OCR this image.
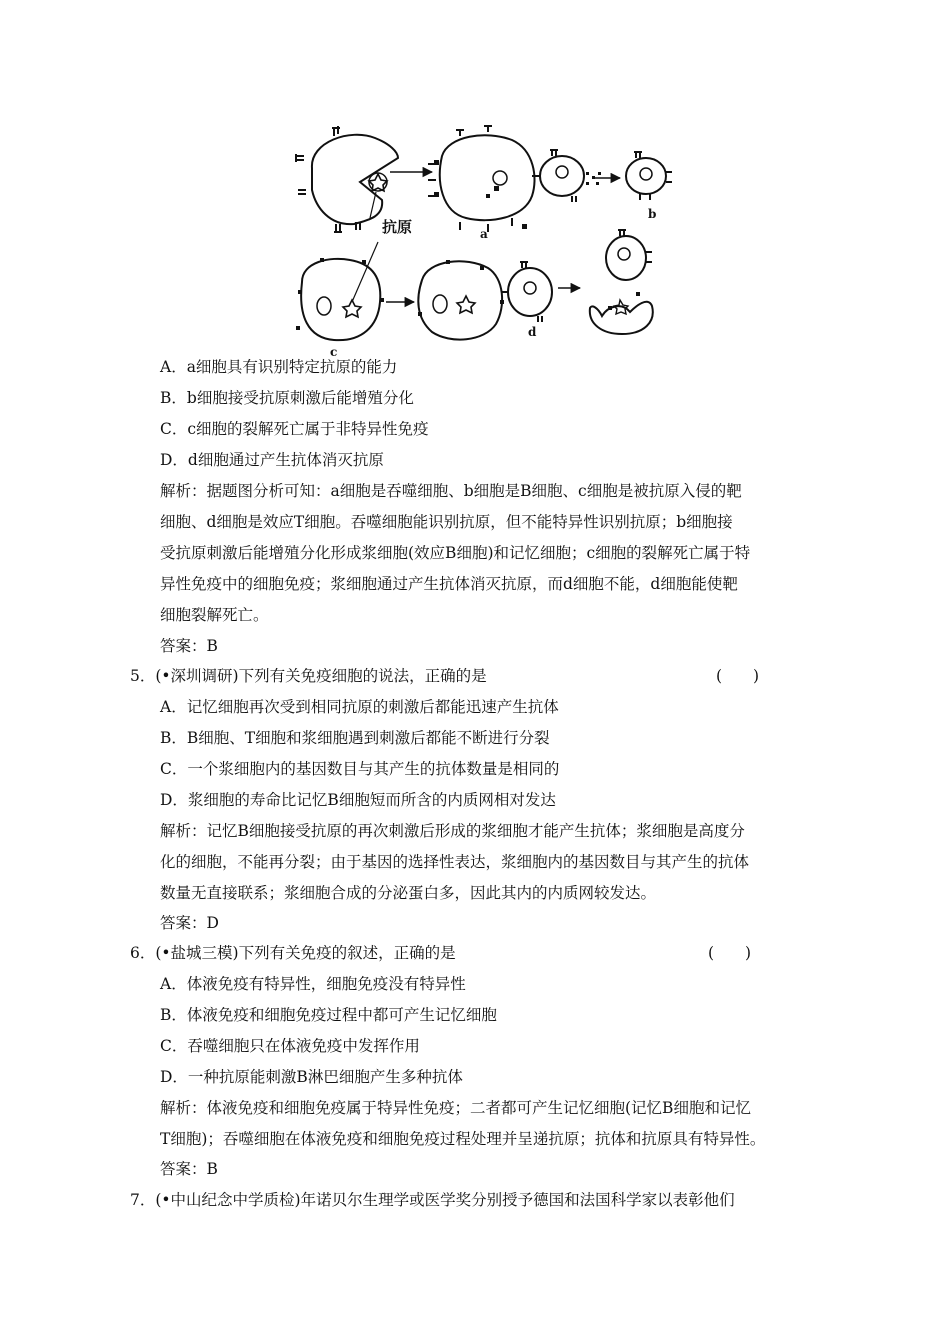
抗原	a
b
c
d
A．a细胞具有识别特定抗原的能力
B．b细胞接受抗原刺激后能增殖分化
C．c细胞的裂解死亡属于非特异性免疫
D．d细胞通过产生抗体消灭抗原
解析：据题图分析可知：a细胞是吞噬细胞、b细胞是B细胞、c细胞是被抗原入侵的靶
细胞、d细胞是效应T细胞。吞噬细胞能识别抗原，但不能特异性识别抗原；b细胞接
受抗原刺激后能增殖分化形成浆细胞(效应B细胞)和记忆细胞；c细胞的裂解死亡属于特
异性免疫中的细胞免疫；浆细胞通过产生抗体消灭抗原，而d细胞不能，d细胞能使靶
细胞裂解死亡。
答案：B
5．(•深圳调研)下列有关免疫细胞的说法，正确的是	(　　)
A．记忆细胞再次受到相同抗原的刺激后都能迅速产生抗体
B．B细胞、T细胞和浆细胞遇到刺激后都能不断进行分裂
C．一个浆细胞内的基因数目与其产生的抗体数量是相同的
D．浆细胞的寿命比记忆B细胞短而所含的内质网相对发达
解析：记忆B细胞接受抗原的再次刺激后形成的浆细胞才能产生抗体；浆细胞是高度分
化的细胞，不能再分裂；由于基因的选择性表达，浆细胞内的基因数目与其产生的抗体
数量无直接联系；浆细胞合成的分泌蛋白多，因此其内的内质网较发达。
答案：D
6．(•盐城三模)下列有关免疫的叙述，正确的是	(　　)
A．体液免疫有特异性，细胞免疫没有特异性
B．体液免疫和细胞免疫过程中都可产生记忆细胞
C．吞噬细胞只在体液免疫中发挥作用
D．一种抗原能刺激B淋巴细胞产生多种抗体
解析：体液免疫和细胞免疫属于特异性免疫；二者都可产生记忆细胞(记忆B细胞和记忆
T细胞)；吞噬细胞在体液免疫和细胞免疫过程处理并呈递抗原；抗体和抗原具有特异性。
答案：B
7．(•中山纪念中学质检)年诺贝尔生理学或医学奖分别授予德国和法国科学家以表彰他们
